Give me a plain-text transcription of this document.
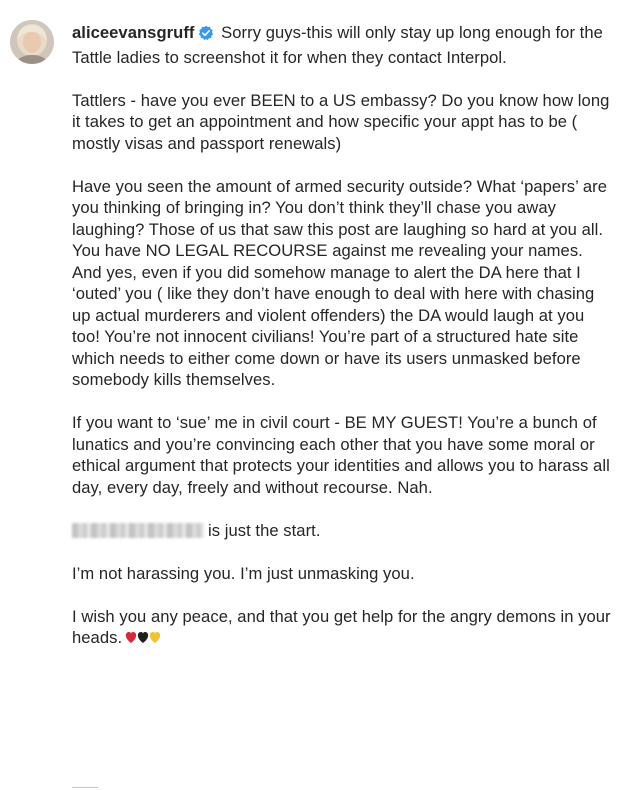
aliceevansgruff Sorry guys-this will only stay up long enough for the Tattle ladies to screenshot it for when they contact Interpol.

Tattlers - have you ever BEEN to a US embassy? Do you know how long it takes to get an appointment and how specific your appt has to be ( mostly visas and passport renewals)

Have you seen the amount of armed security outside? What ‘papers’ are you thinking of bringing in? You don’t think they’ll chase you away laughing? Those of us that saw this post are laughing so hard at you all. You have NO LEGAL RECOURSE against me revealing your names. And yes, even if you did somehow manage to alert the DA here that I ‘outed’ you ( like they don’t have enough to deal with here with chasing up actual murderers and violent offenders) the DA would laugh at you too! You’re not innocent civilians! You’re part of a structured hate site which needs to either come down or have its users unmasked before somebody kills themselves.

If you want to ‘sue’ me in civil court - BE MY GUEST! You’re a bunch of lunatics and you’re convincing each other that you have some moral or ethical argument that protects your identities and allows you to harass all day, every day, freely and without recourse. Nah.

is just the start.

I’m not harassing you. I’m just unmasking you.

I wish you any peace, and that you get help for the angry demons in your heads.

——
